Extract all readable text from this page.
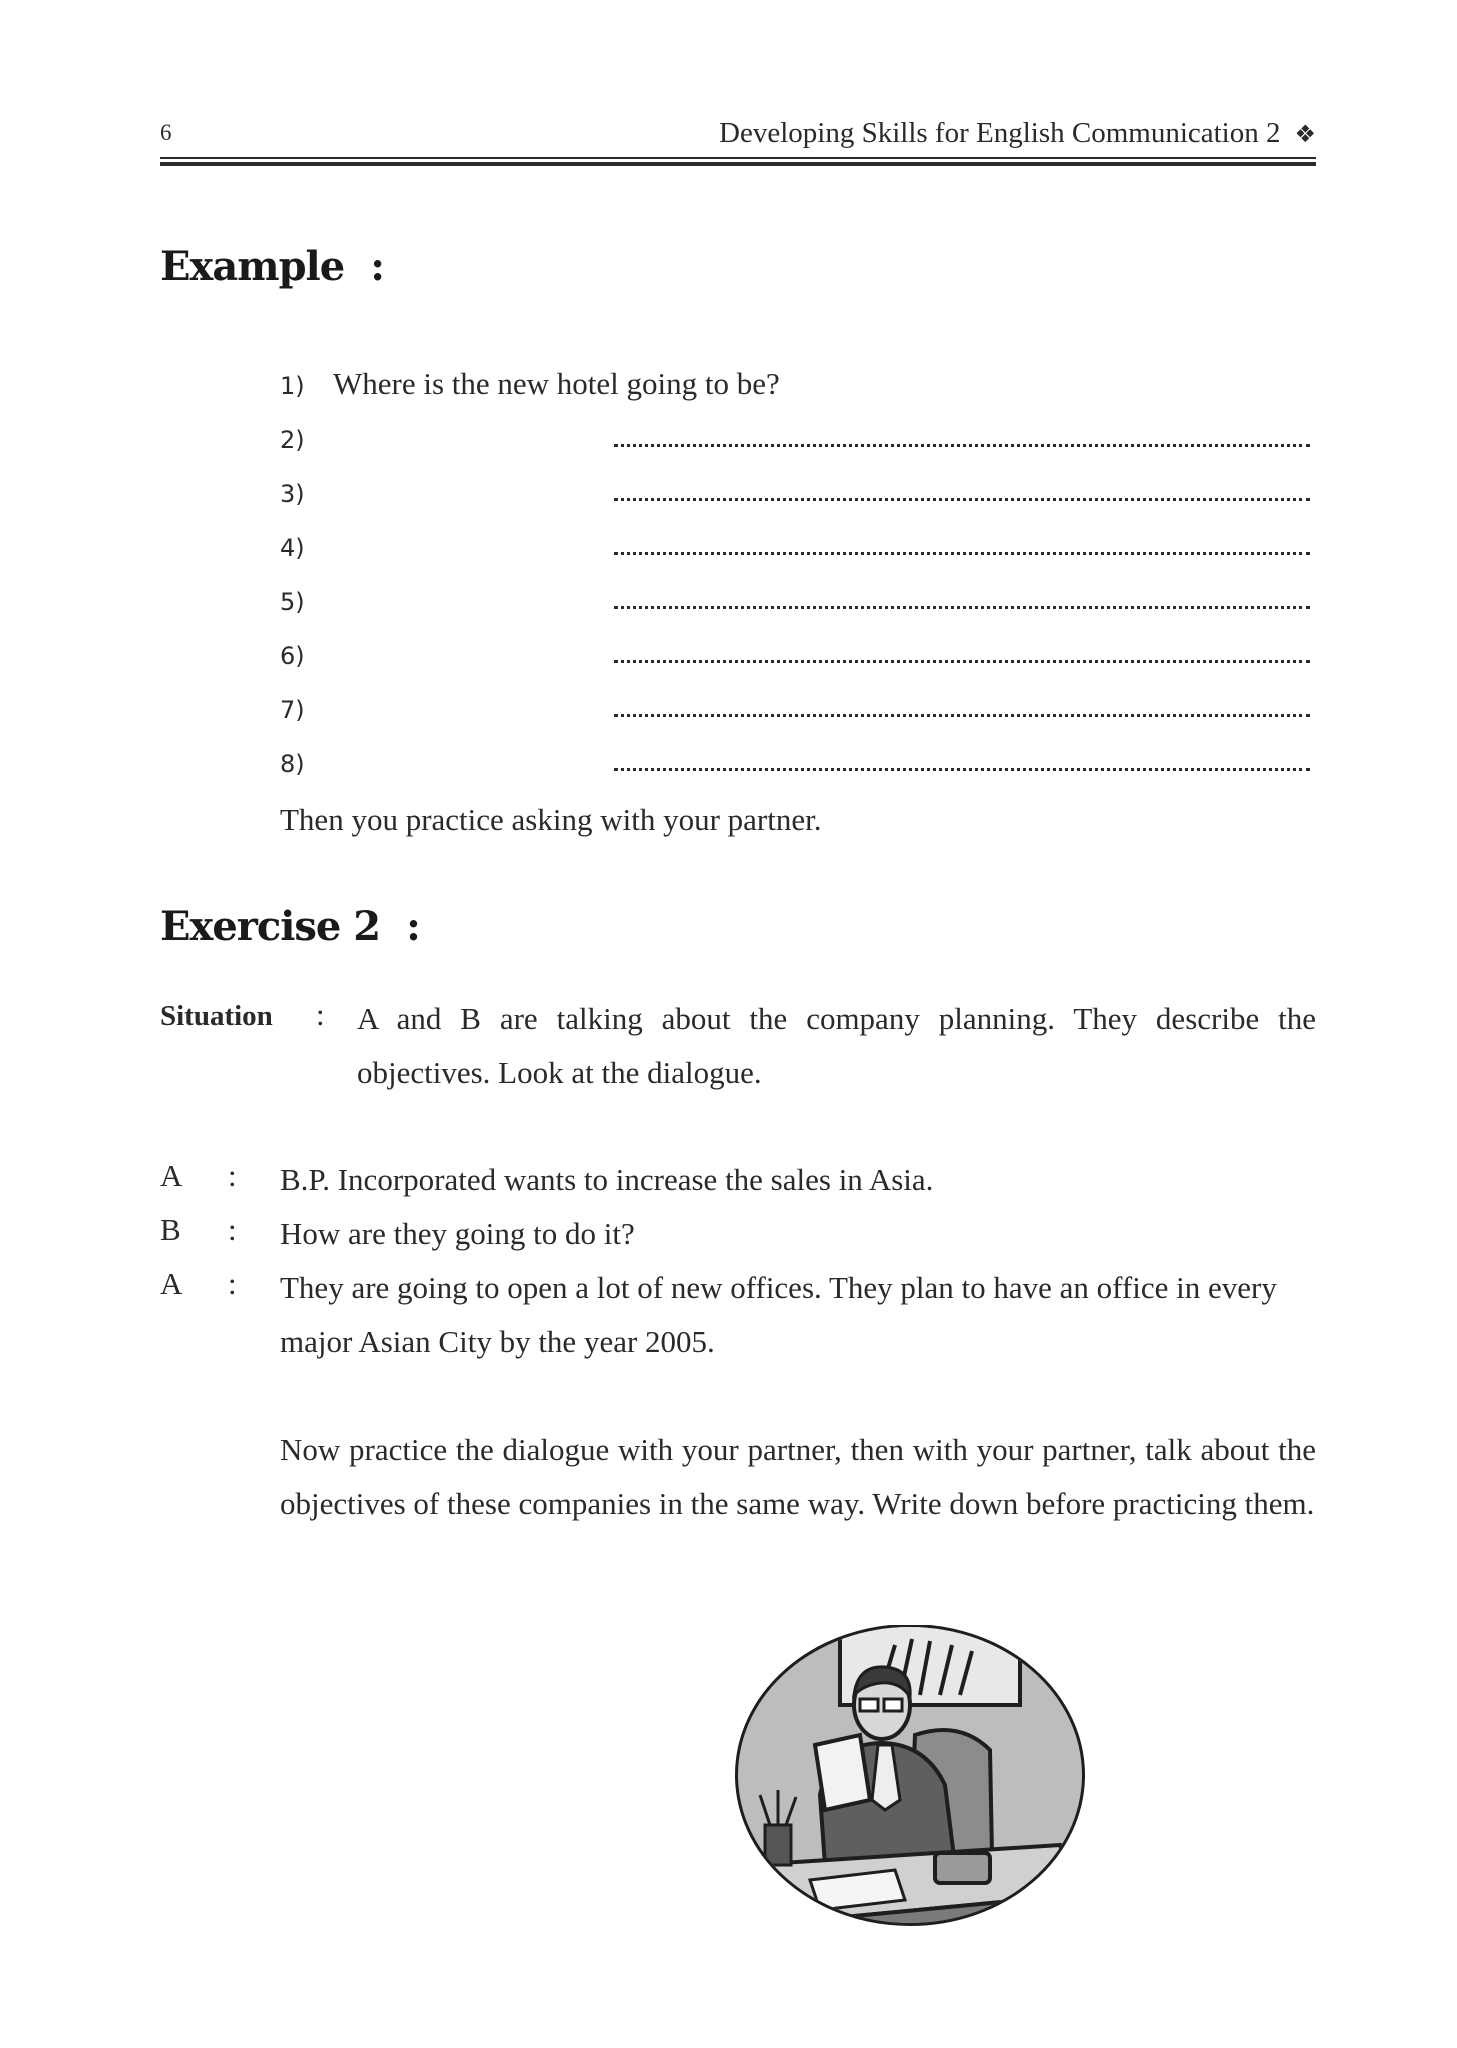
6	Developing Skills for English Communication 2 ❖
Example :
1) Where is the new hotel going to be?
2)
3)
4)
5)
6)
7)
8)
Then you practice asking with your partner.
Exercise 2 :
Situation : A and B are talking about the company planning. They describe the objectives. Look at the dialogue.
A : B.P. Incorporated wants to increase the sales in Asia.
B : How are they going to do it?
A : They are going to open a lot of new offices. They plan to have an office in every major Asian City by the year 2005.
Now practice the dialogue with your partner, then with your partner, talk about the objectives of these companies in the same way. Write down before practicing them.
